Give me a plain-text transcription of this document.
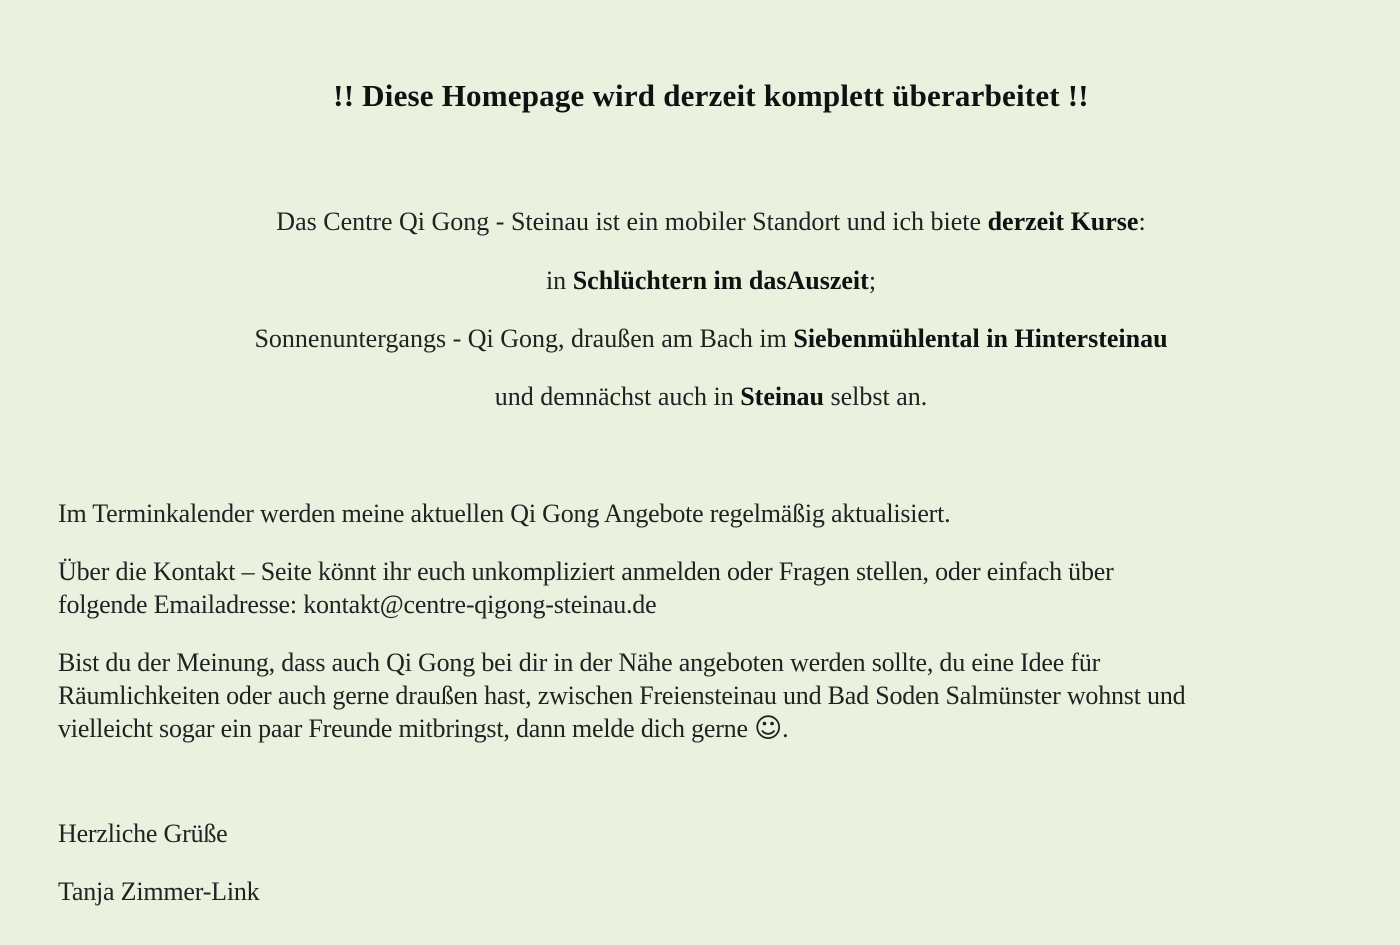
!! Diese Homepage wird derzeit komplett überarbeitet !!
Das Centre Qi Gong - Steinau ist ein mobiler Standort und ich biete derzeit Kurse:
in Schlüchtern im dasAuszeit;
Sonnenuntergangs - Qi Gong, draußen am Bach im Siebenmühlental in Hintersteinau
und demnächst auch in Steinau selbst an.
Im Terminkalender werden meine aktuellen Qi Gong Angebote regelmäßig aktualisiert.
Über die Kontakt – Seite könnt ihr euch unkompliziert anmelden oder Fragen stellen, oder einfach über
folgende Emailadresse: kontakt@centre-qigong-steinau.de
Bist du der Meinung, dass auch Qi Gong bei dir in der Nähe angeboten werden sollte, du eine Idee für
Räumlichkeiten oder auch gerne draußen hast, zwischen Freiensteinau und Bad Soden Salmünster wohnst und
vielleicht sogar ein paar Freunde mitbringst, dann melde dich gerne ☺.
Herzliche Grüße
Tanja Zimmer-Link
